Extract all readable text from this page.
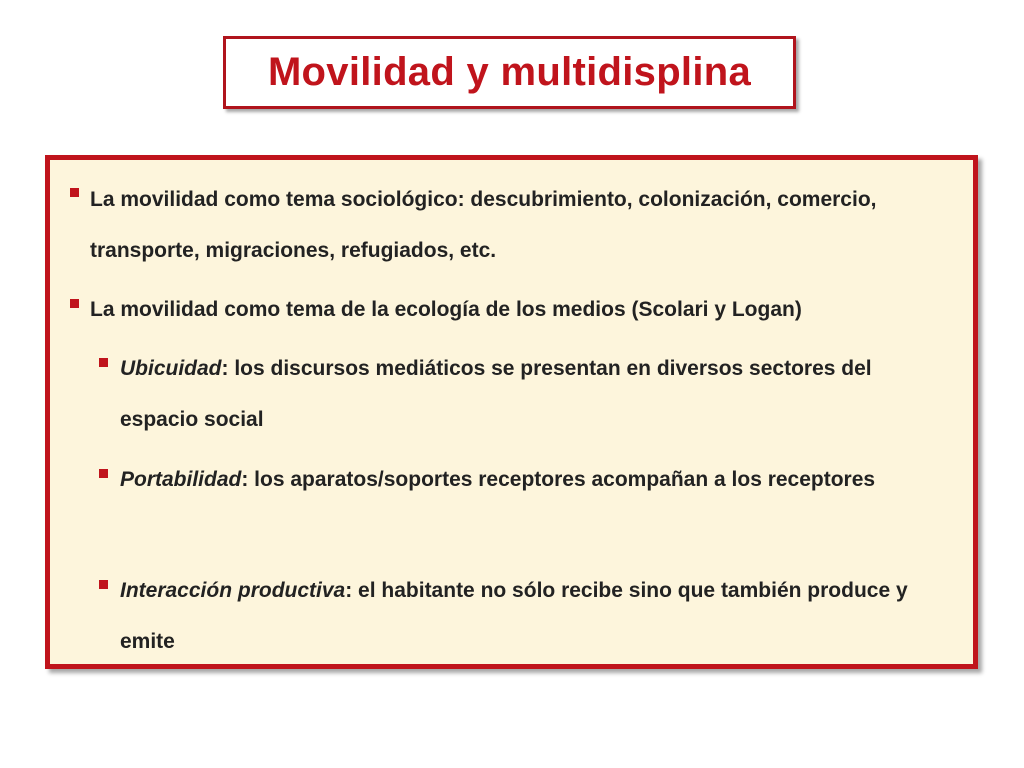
Movilidad y multidisplina
La movilidad como tema sociológico: descubrimiento, colonización, comercio, transporte, migraciones, refugiados, etc.
La movilidad como tema de la ecología de los medios (Scolari y Logan)
Ubicuidad: los discursos mediáticos se presentan en diversos sectores del espacio social
Portabilidad: los aparatos/soportes receptores acompañan a los receptores
Interacción productiva: el habitante no sólo recibe sino que también produce y emite
